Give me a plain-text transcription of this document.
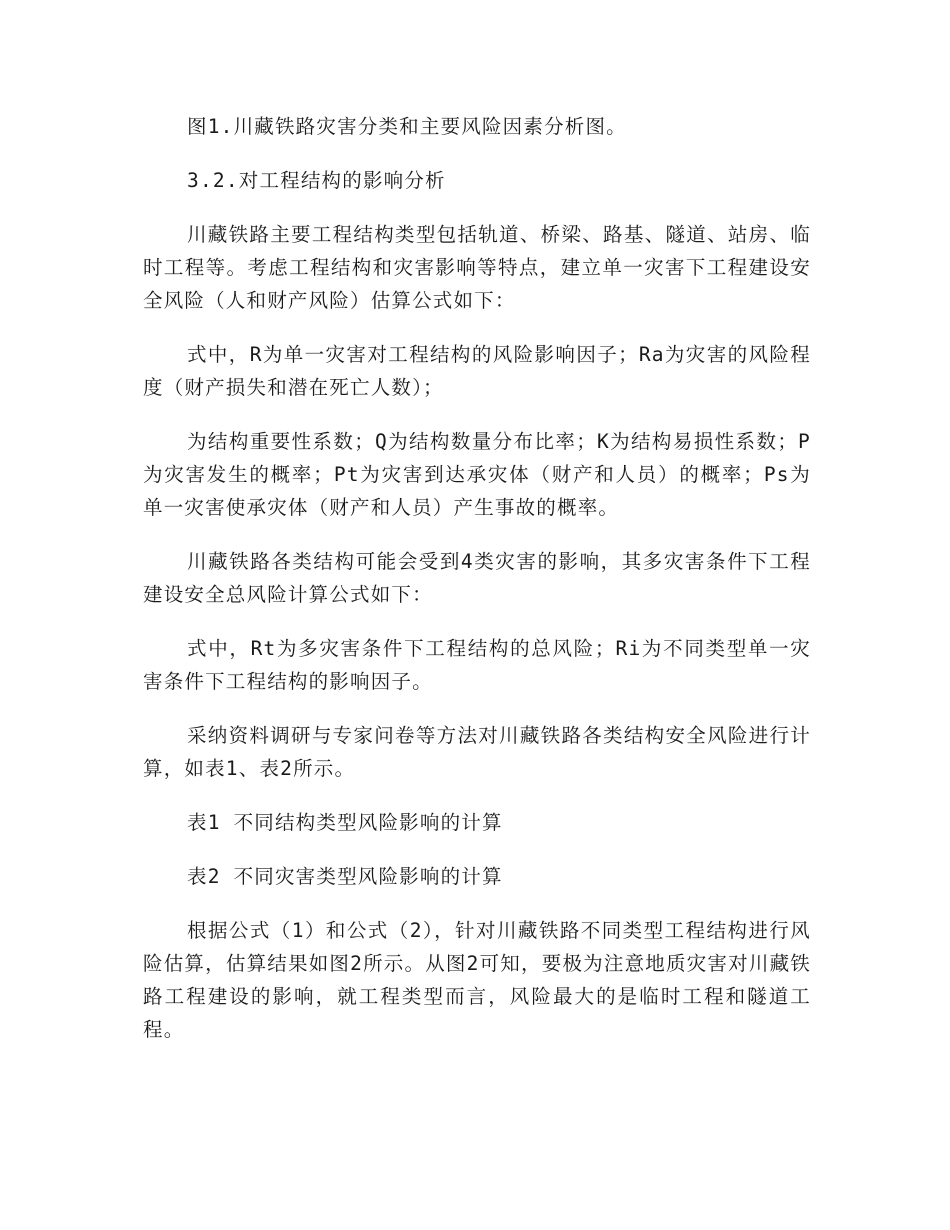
图1.川藏铁路灾害分类和主要风险因素分析图。

3.2.对工程结构的影响分析

川藏铁路主要工程结构类型包括轨道、桥梁、路基、隧道、站房、临时工程等。考虑工程结构和灾害影响等特点，建立单一灾害下工程建设安全风险（人和财产风险）估算公式如下：

式中，R为单一灾害对工程结构的风险影响因子；Ra为灾害的风险程度（财产损失和潜在死亡人数）；

为结构重要性系数；Q为结构数量分布比率；K为结构易损性系数；P为灾害发生的概率；Pt为灾害到达承灾体（财产和人员）的概率；Ps为单一灾害使承灾体（财产和人员）产生事故的概率。

川藏铁路各类结构可能会受到4类灾害的影响，其多灾害条件下工程建设安全总风险计算公式如下：

式中，Rt为多灾害条件下工程结构的总风险；Ri为不同类型单一灾害条件下工程结构的影响因子。

采纳资料调研与专家问卷等方法对川藏铁路各类结构安全风险进行计算，如表1、表2所示。

表1 不同结构类型风险影响的计算

表2 不同灾害类型风险影响的计算

根据公式（1）和公式（2），针对川藏铁路不同类型工程结构进行风险估算，估算结果如图2所示。从图2可知，要极为注意地质灾害对川藏铁路工程建设的影响，就工程类型而言，风险最大的是临时工程和隧道工程。
